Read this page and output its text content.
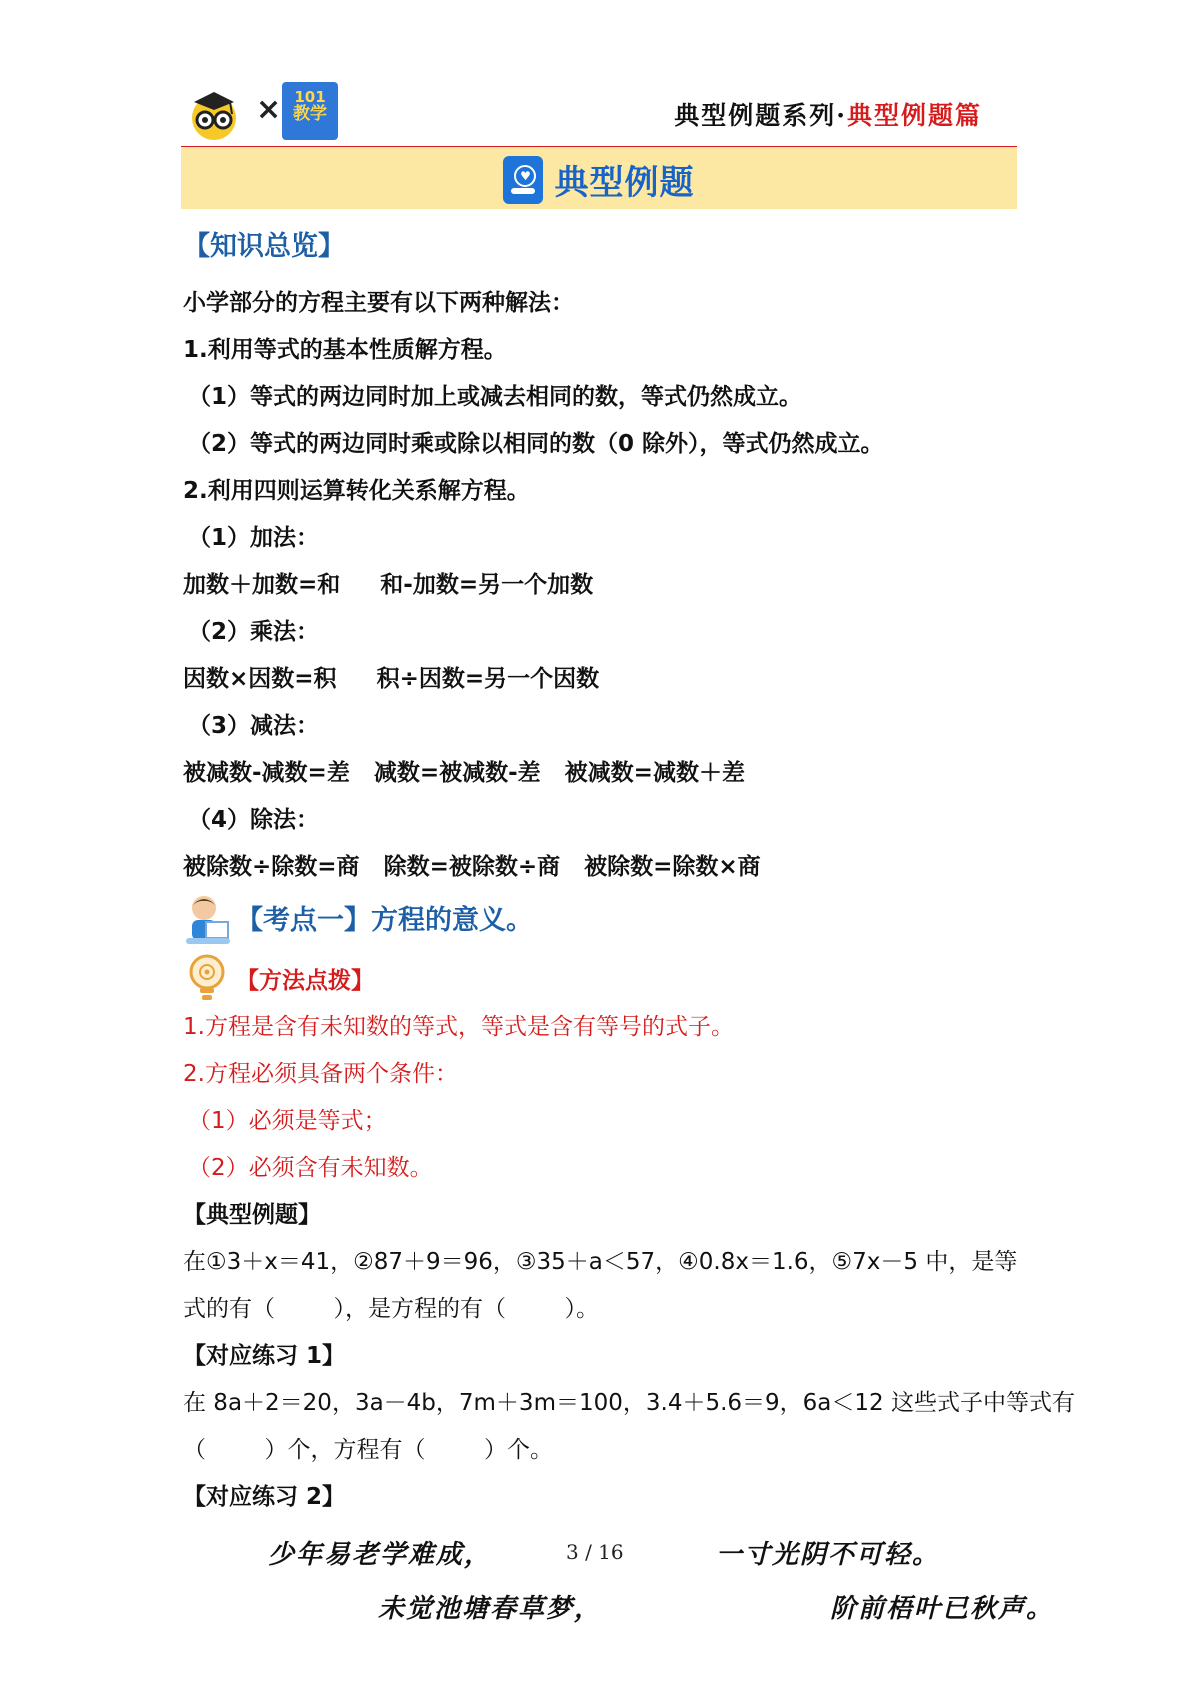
× 101
教学	典型例题系列·典型例题篇
♥ 典型例题
【知识总览】
小学部分的方程主要有以下两种解法：
1.利用等式的基本性质解方程。
（1）等式的两边同时加上或减去相同的数，等式仍然成立。
（2）等式的两边同时乘或除以相同的数（0 除外），等式仍然成立。
2.利用四则运算转化关系解方程。
（1）加法：
加数＋加数=和     和-加数=另一个加数
（2）乘法：
因数×因数=积     积÷因数=另一个因数
（3）减法：
被减数-减数=差   减数=被减数-差   被减数=减数＋差
（4）除法：
被除数÷除数=商   除数=被除数÷商   被除数=除数×商
【考点一】方程的意义。
【方法点拨】
1.方程是含有未知数的等式，等式是含有等号的式子。
2.方程必须具备两个条件：
（1）必须是等式；
（2）必须含有未知数。
【典型例题】
在①3＋x＝41，②87＋9＝96，③35＋a＜57，④0.8x＝1.6，⑤7x－5 中，是等
式的有（        ），是方程的有（        ）。
【对应练习 1】
在 8a＋2＝20，3a－4b，7m＋3m＝100，3.4＋5.6＝9，6a＜12 这些式子中等式有
（        ）个，方程有（        ）个。
【对应练习 2】
少年易老学难成，	3 / 16	一寸光阴不可轻。
未觉池塘春草梦，	阶前梧叶已秋声。
